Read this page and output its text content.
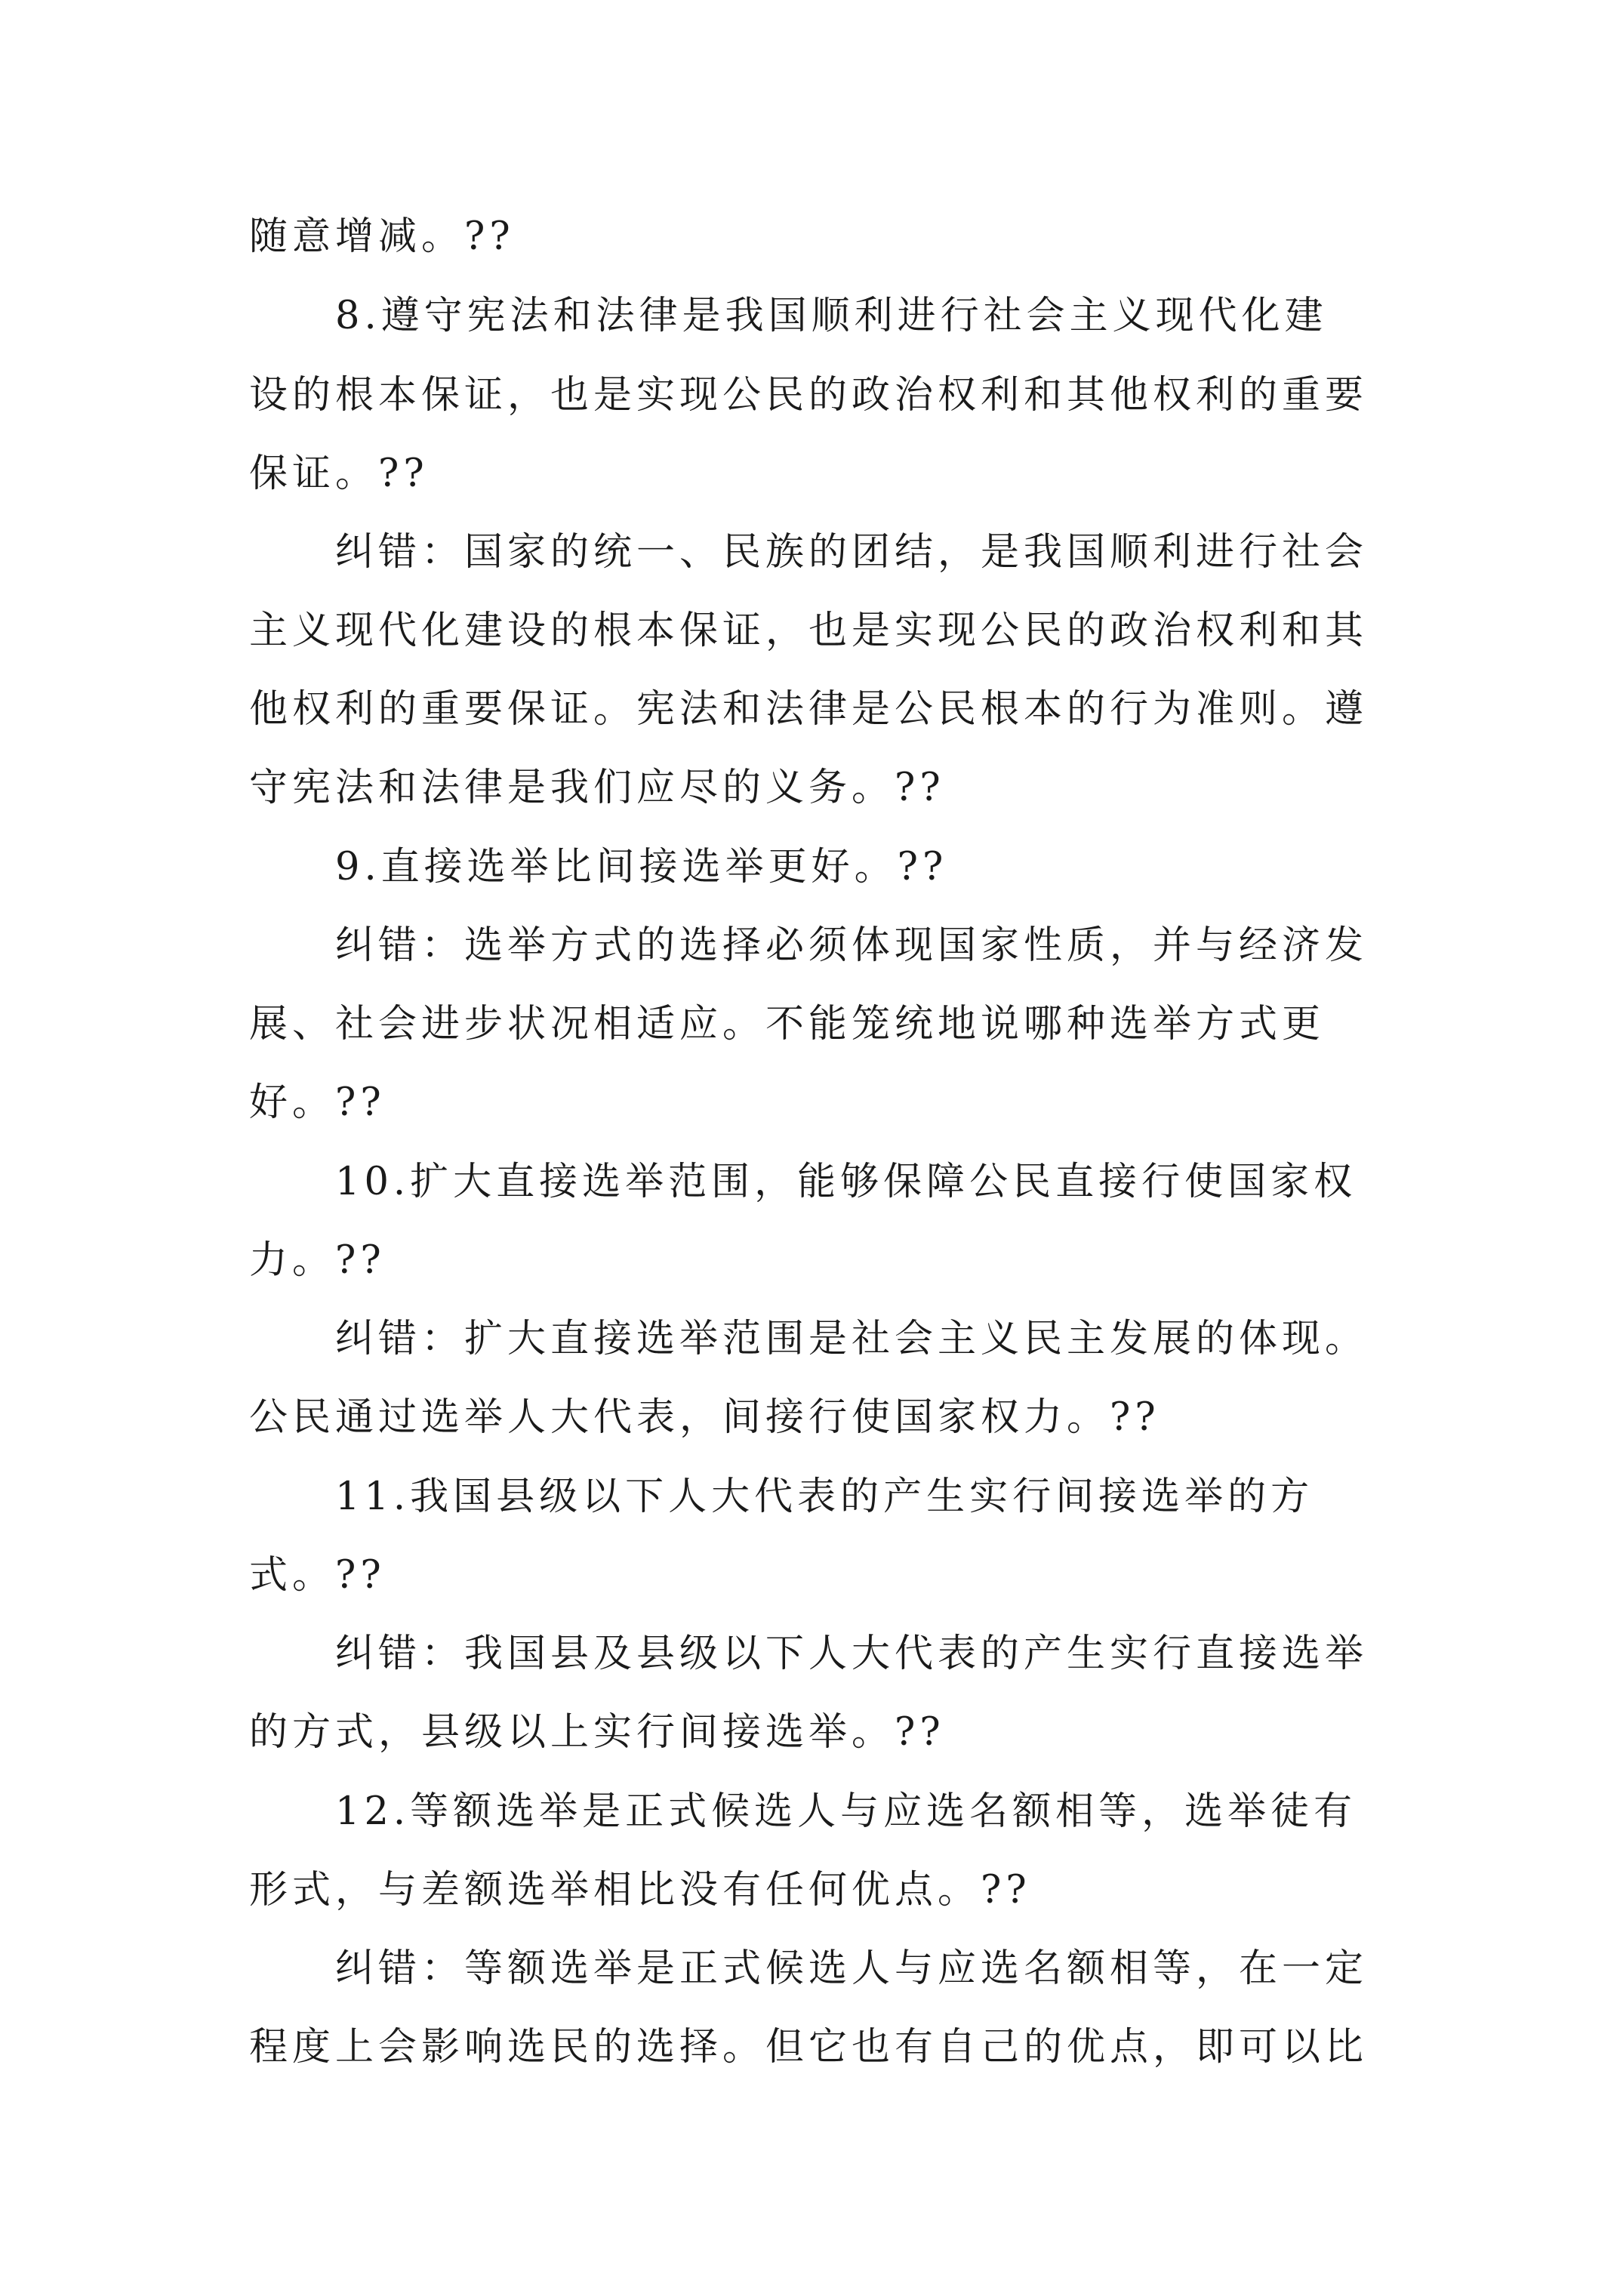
随意增减。??
8.遵守宪法和法律是我国顺利进行社会主义现代化建
设的根本保证，也是实现公民的政治权利和其他权利的重要
保证。??
纠错：国家的统一、民族的团结，是我国顺利进行社会
主义现代化建设的根本保证，也是实现公民的政治权利和其
他权利的重要保证。宪法和法律是公民根本的行为准则。遵
守宪法和法律是我们应尽的义务。??
9.直接选举比间接选举更好。??
纠错：选举方式的选择必须体现国家性质，并与经济发
展、社会进步状况相适应。不能笼统地说哪种选举方式更
好。??
10.扩大直接选举范围，能够保障公民直接行使国家权
力。??
纠错：扩大直接选举范围是社会主义民主发展的体现。
公民通过选举人大代表，间接行使国家权力。??
11.我国县级以下人大代表的产生实行间接选举的方
式。??
纠错：我国县及县级以下人大代表的产生实行直接选举
的方式，县级以上实行间接选举。??
12.等额选举是正式候选人与应选名额相等，选举徒有
形式，与差额选举相比没有任何优点。??
纠错：等额选举是正式候选人与应选名额相等，在一定
程度上会影响选民的选择。但它也有自己的优点，即可以比
